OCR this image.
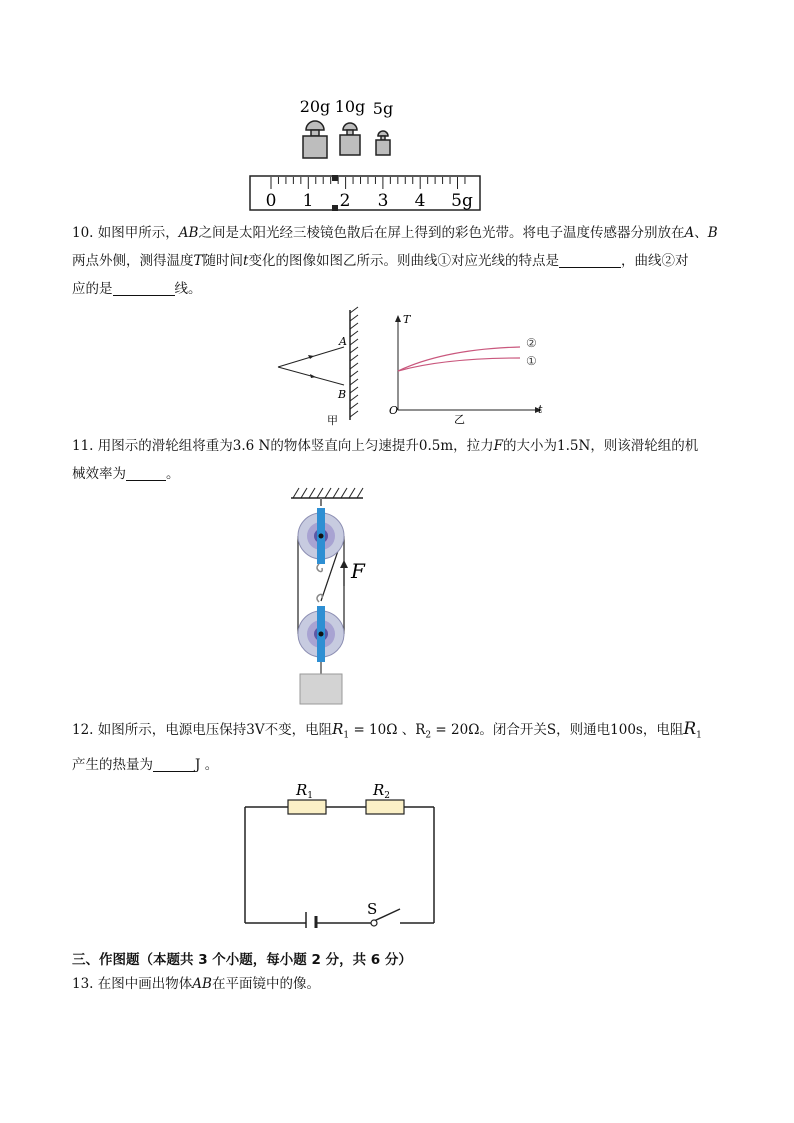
20g 10g 5g
0 1 2 3 4 5g
10. 如图甲所示，AB之间是太阳光经三棱镜色散后在屏上得到的彩色光带。将电子温度传感器分别放在A、B
两点外侧，测得温度T随时间t变化的图像如图乙所示。则曲线①对应光线的特点是	，曲线②对
应的是	线。
A
B
甲
T
t
O
乙
②
①
11. 用图示的滑轮组将重为3.6 N的物体竖直向上匀速提升0.5m，拉力F的大小为1.5N，则该滑轮组的机
械效率为	。
F
12. 如图所示，电源电压保持3V不变，电阻$R_1 = 10\Omega$ 、$R_2 = 20\Omega$。闭合开关S，则通电100s，电阻$R_1$
产生的热量为	J 。
$R_1$	$R_2$
S
三、作图题（本题共 3 个小题，每小题 2 分，共 6 分）
13. 在图中画出物体AB在平面镜中的像。
